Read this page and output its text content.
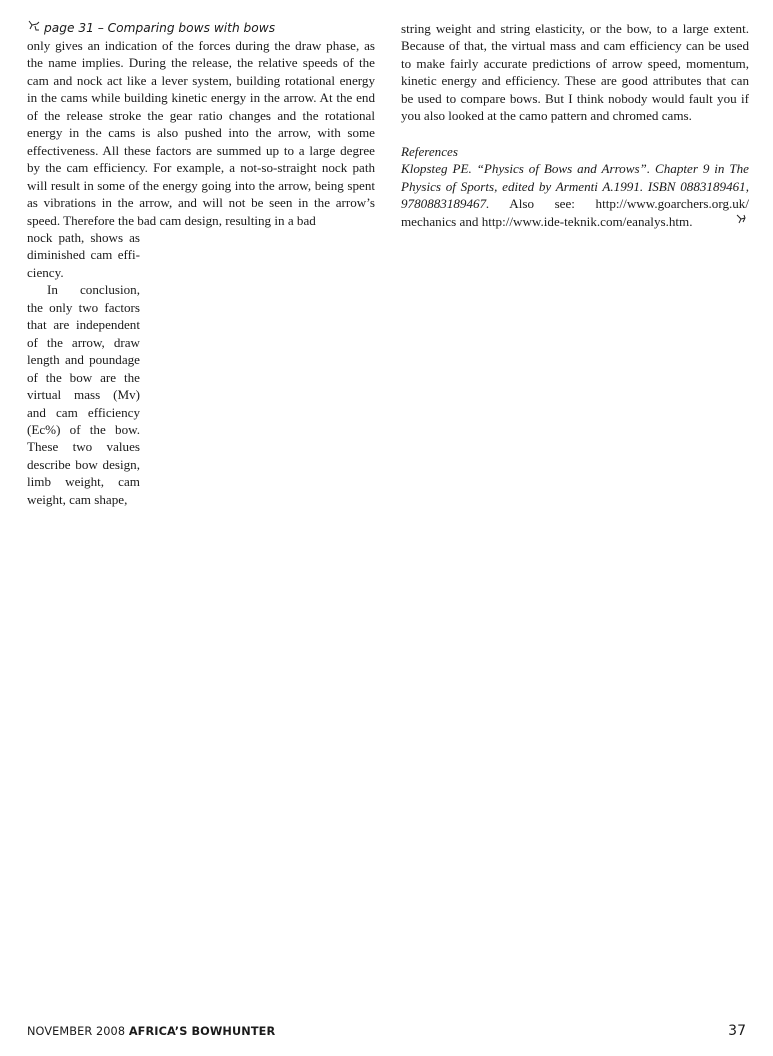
page 31 – Comparing bows with bows

only gives an indication of the forces during the draw phase, as the name implies. During the release, the relative speeds of the cam and nock act like a lever system, building rotational energy in the cams while building kinetic energy in the arrow. At the end of the release stroke the gear ratio changes and the rotational energy in the cams is also pushed into the arrow, with some effectiveness. All these factors are summed up to a large degree by the cam efficiency. For example, a not-so-straight nock path will result in some of the energy going into the arrow, being spent as vibrations in the arrow, and will not be seen in the arrow’s speed. Therefore the bad cam design, resulting in a bad

nock path, shows as diminished cam effi-ciency.

In conclusion, the only two factors that are independent of the arrow, draw length and poundage of the bow are the virtual mass (Mv) and cam efficiency (Ec%) of the bow. These two values describe bow design, limb weight, cam weight, cam shape,

string weight and string elasticity, or the bow, to a large extent. Because of that, the virtual mass and cam efficiency can be used to make fairly accurate predictions of arrow speed, momentum, kinetic energy and efficiency. These are good attributes that can be used to compare bows. But I think nobody would fault you if you also looked at the camo pattern and chromed cams.

References

Klopsteg PE. “Physics of Bows and Arrows”. Chapter 9 in The Physics of Sports, edited by Armenti A.1991. ISBN 0883189461, 9780883189467. Also see: http://www.goarchers.org.uk/ mechanics and http://www.ide-teknik.com/eanalys.htm.

NOVEMBER 2008 AFRICA’S BOWHUNTER	37
